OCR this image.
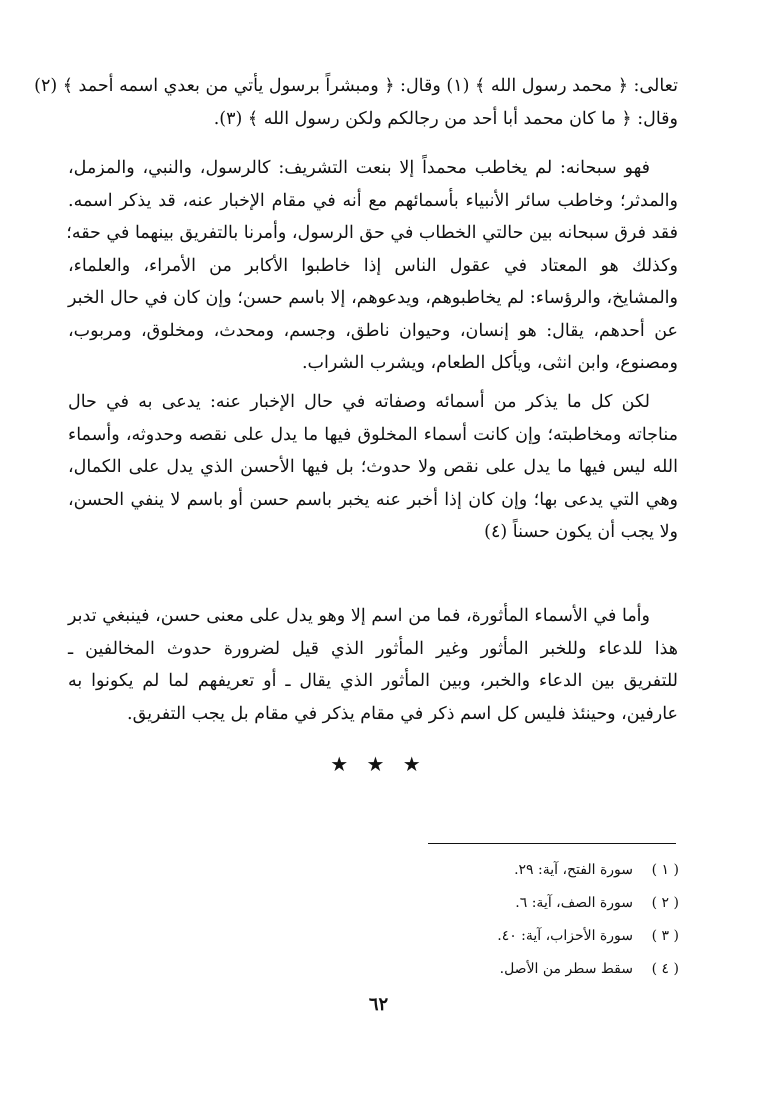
تعالى: ﴿ محمد رسول الله ﴾ (١) وقال: ﴿ ومبشراً برسول يأتي من بعدي اسمه أحمد ﴾ (٢)
وقال: ﴿ ما كان محمد أبا أحد من رجالكم ولكن رسول الله ﴾ (٣).
فهو سبحانه: لم يخاطب محمداً إلا بنعت التشريف: كالرسول، والنبي، والمزمل،
والمدثر؛ وخاطب سائر الأنبياء بأسمائهم مع أنه في مقام الإخبار عنه، قد يذكر اسمه.
فقد فرق سبحانه بين حالتي الخطاب في حق الرسول، وأمرنا بالتفريق بينهما في حقه؛
وكذلك هو المعتاد في عقول الناس إذا خاطبوا الأكابر من الأمراء، والعلماء،
والمشايخ، والرؤساء: لم يخاطبوهم، ويدعوهم، إلا باسم حسن؛ وإن كان في حال الخبر
عن أحدهم، يقال: هو إنسان، وحيوان ناطق، وجسم، ومحدث، ومخلوق، ومربوب،
ومصنوع، وابن انثى، ويأكل الطعام، ويشرب الشراب.
لكن كل ما يذكر من أسمائه وصفاته في حال الإخبار عنه: يدعى به في حال
مناجاته ومخاطبته؛ وإن كانت أسماء المخلوق فيها ما يدل على نقصه وحدوثه، وأسماء
الله ليس فيها ما يدل على نقص ولا حدوث؛ بل فيها الأحسن الذي يدل على الكمال،
وهي التي يدعى بها؛ وإن كان إذا أخبر عنه يخبر باسم حسن أو باسم لا ينفي الحسن،
ولا يجب أن يكون حسناً (٤)
وأما في الأسماء المأثورة، فما من اسم إلا وهو يدل على معنى حسن، فينبغي تدبر
هذا للدعاء وللخبر المأثور وغير المأثور الذي قيل لضرورة حدوث المخالفين ـ
للتفريق بين الدعاء والخبر، وبين المأثور الذي يقال ـ أو تعريفهم لما لم يكونوا به
عارفين، وحينئذ فليس كل اسم ذكر في مقام يذكر في مقام بل يجب التفريق.
★ ★ ★
( ١ )
سورة الفتح، آية: ٢٩.
( ٢ )
سورة الصف، آية: ٦.
( ٣ )
سورة الأحزاب، آية: ٤٠.
( ٤ )
سقط سطر من الأصل.
٦٢
